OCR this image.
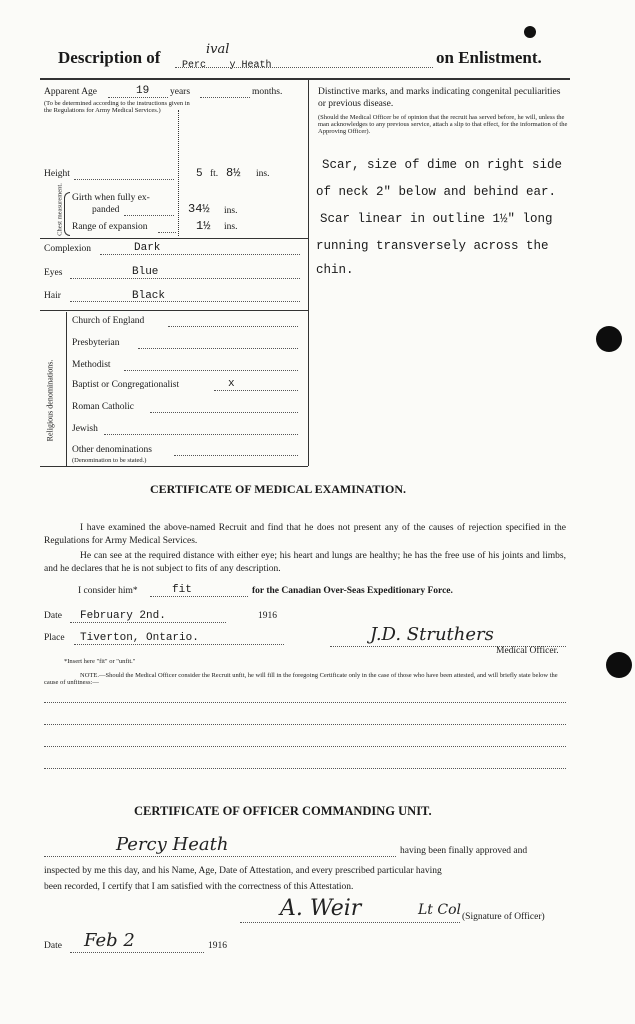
Description of Percivaly Heath	on Enlistment.
Apparent Age	19 years	months.
(To be determined according to the instructions given in the Regulations for Army Medical Services.)
Height	5 ft. 8½ ins.
Chest measurement. Girth when fully ex-
panded	34½ ins.
Range of expansion	1½ ins.
Complexion	Dark
Eyes	Blue
Hair	Black
Religious denominations.
Church of England
Presbyterian
Methodist
Baptist or Congregationalist	x
Roman Catholic
Jewish
Other denominations
(Denomination to be stated.)
Distinctive marks, and marks indicating congenital peculiarities or previous disease.
(Should the Medical Officer be of opinion that the recruit has served before, he will, unless the man acknowledges to any previous service, attach a slip to that effect, for the information of the Approving Officer).
Scar, size of dime on right side
of neck 2" below and behind ear.
Scar linear in outline 1½" long
running transversely across the
chin.
CERTIFICATE OF MEDICAL EXAMINATION.
I have examined the above-named Recruit and find that he does not present any of the causes of rejection specified in the Regulations for Army Medical Services.
He can see at the required distance with either eye; his heart and lungs are healthy; he has the free use of his joints and limbs, and he declares that he is not subject to fits of any description.
I consider him*	fit	for the Canadian Over-Seas Expeditionary Force.
Date February 2nd.	1916
Place Tiverton, Ontario.	J.D. Struthers
Medical Officer.
*Insert here "fit" or "unfit."
NOTE.—Should the Medical Officer consider the Recruit unfit, he will fill in the foregoing Certificate only in the case of those who have been attested, and will briefly state below the cause of unfitness:—
CERTIFICATE OF OFFICER COMMANDING UNIT.
Percy Heath	having been finally approved and
inspected by me this day, and his Name, Age, Date of Attestation, and every prescribed particular having
been recorded, I certify that I am satisfied with the correctness of this Attestation.
A. Weir	Lt Col (Signature of Officer)
Date Feb 2	1916
